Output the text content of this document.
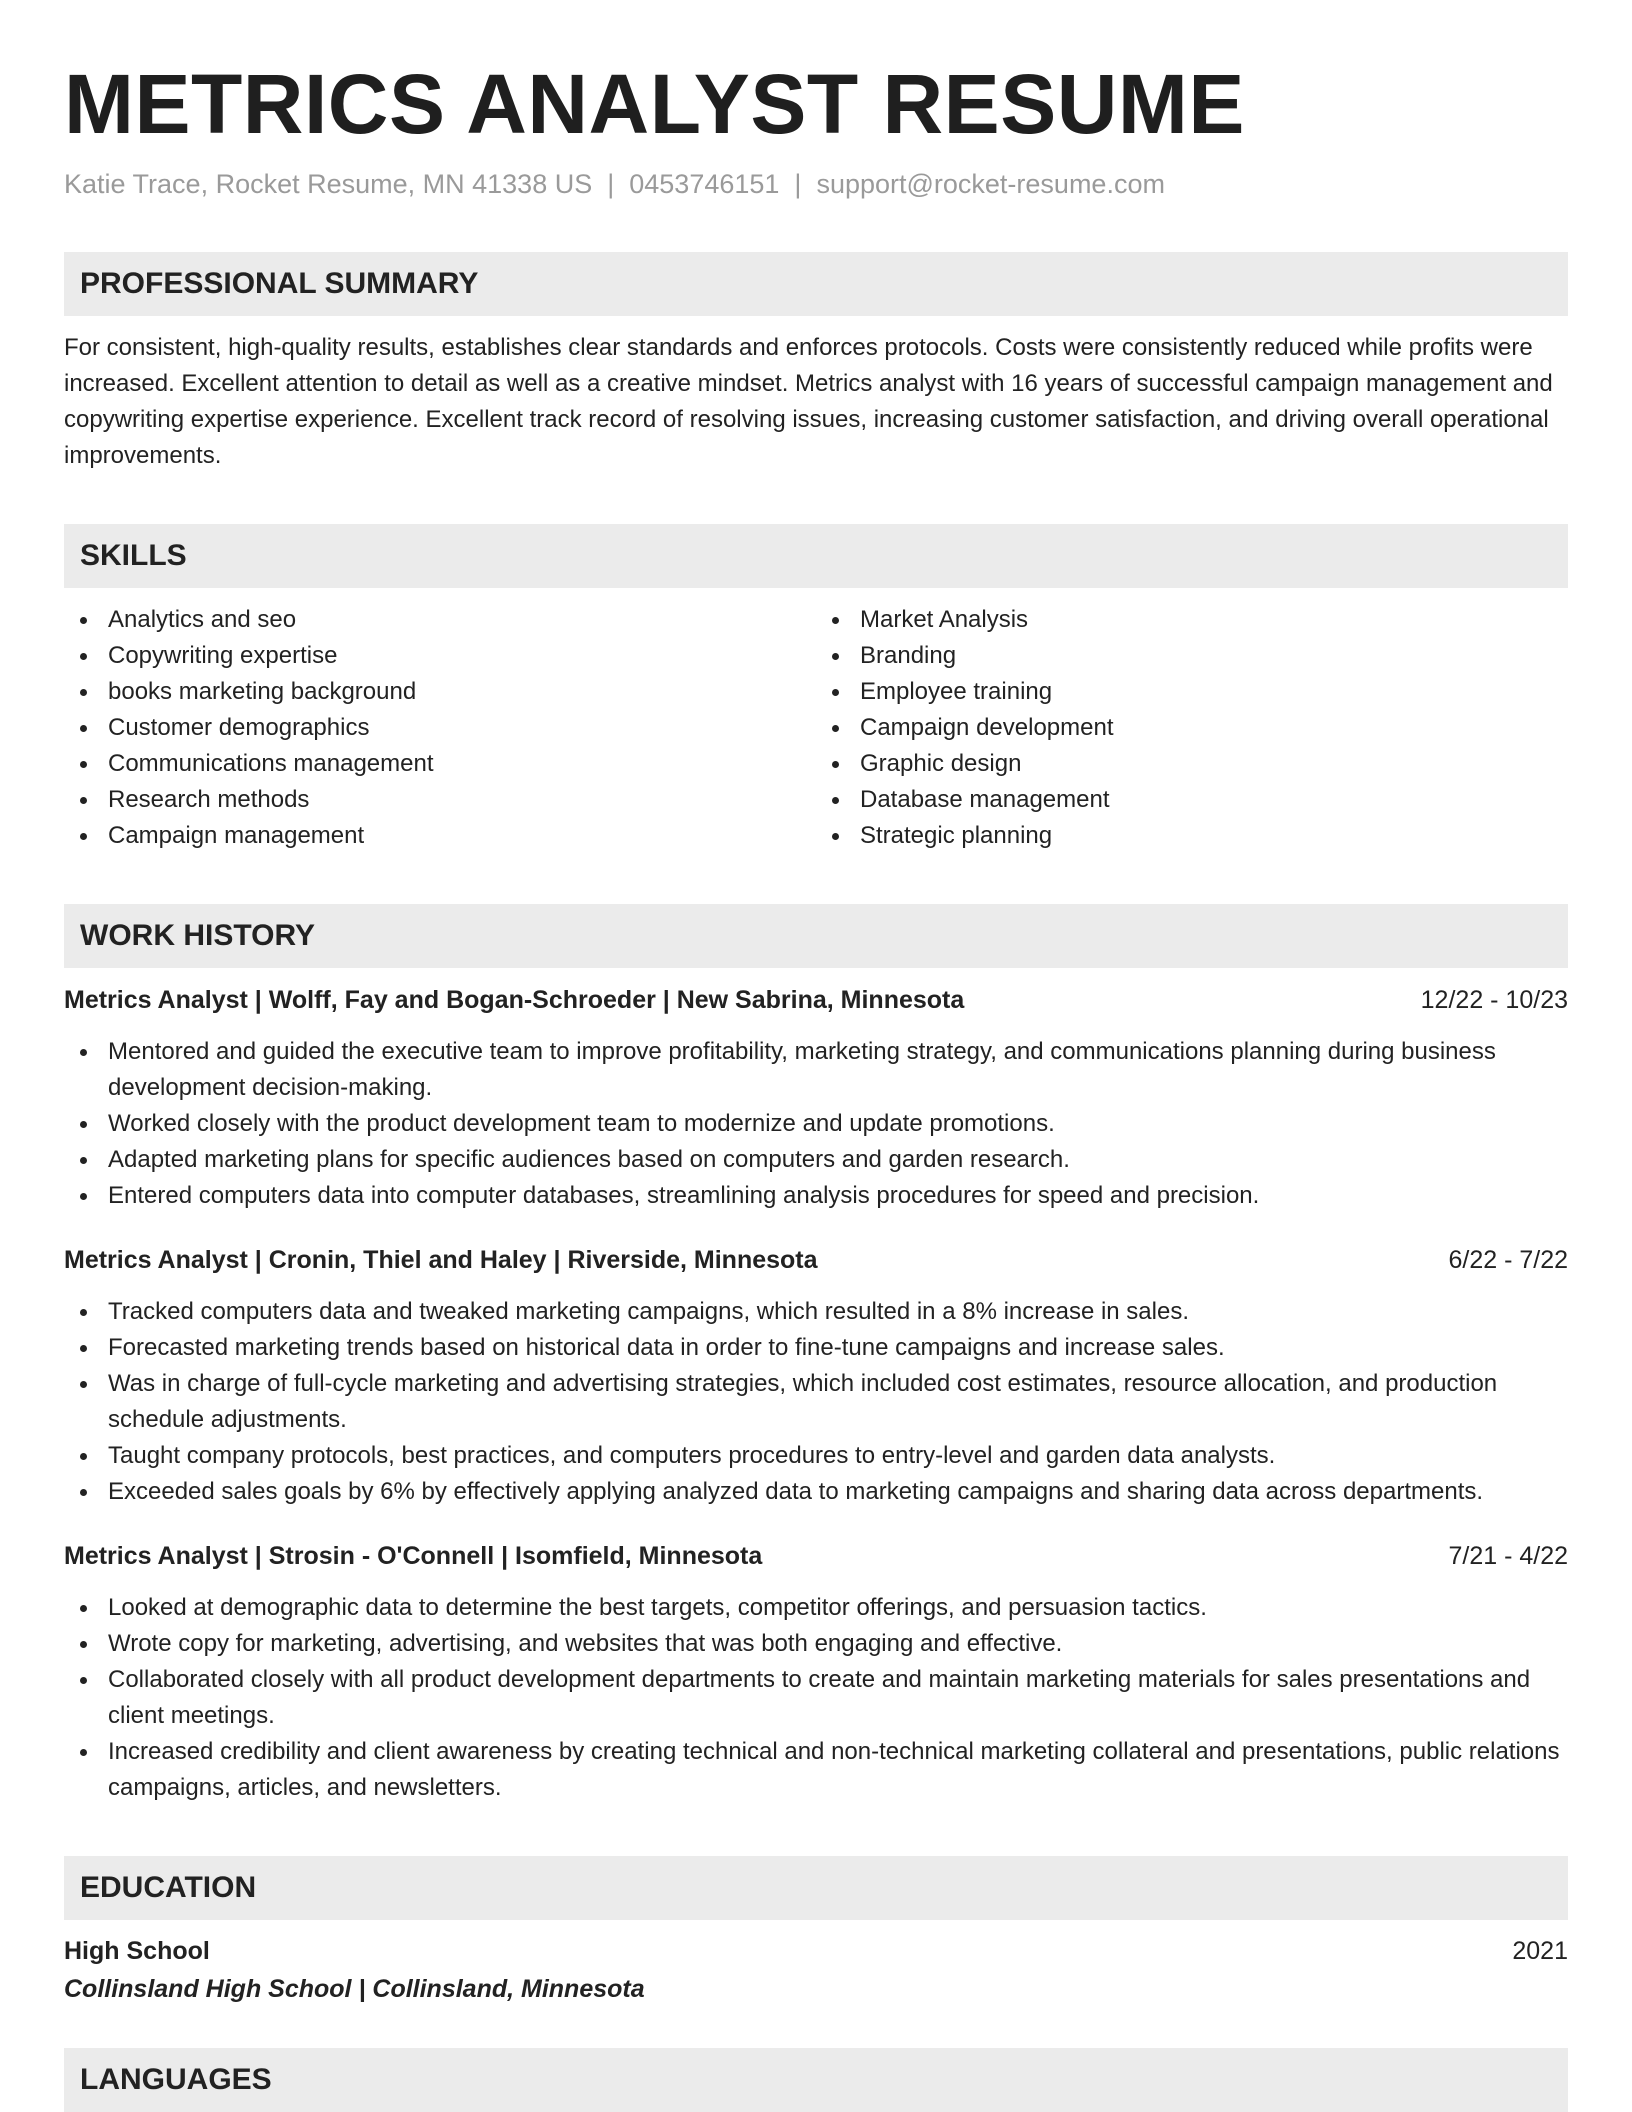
METRICS ANALYST RESUME
Katie Trace, Rocket Resume, MN 41338 US | 0453746151 | support@rocket-resume.com
PROFESSIONAL SUMMARY
For consistent, high-quality results, establishes clear standards and enforces protocols. Costs were consistently reduced while profits were increased. Excellent attention to detail as well as a creative mindset. Metrics analyst with 16 years of successful campaign management and copywriting expertise experience. Excellent track record of resolving issues, increasing customer satisfaction, and driving overall operational improvements.
SKILLS
Analytics and seo
Copywriting expertise
books marketing background
Customer demographics
Communications management
Research methods
Campaign management
Market Analysis
Branding
Employee training
Campaign development
Graphic design
Database management
Strategic planning
WORK HISTORY
Metrics Analyst | Wolff, Fay and Bogan-Schroeder | New Sabrina, Minnesota	12/22 - 10/23
Mentored and guided the executive team to improve profitability, marketing strategy, and communications planning during business development decision-making.
Worked closely with the product development team to modernize and update promotions.
Adapted marketing plans for specific audiences based on computers and garden research.
Entered computers data into computer databases, streamlining analysis procedures for speed and precision.
Metrics Analyst | Cronin, Thiel and Haley | Riverside, Minnesota	6/22 - 7/22
Tracked computers data and tweaked marketing campaigns, which resulted in a 8% increase in sales.
Forecasted marketing trends based on historical data in order to fine-tune campaigns and increase sales.
Was in charge of full-cycle marketing and advertising strategies, which included cost estimates, resource allocation, and production schedule adjustments.
Taught company protocols, best practices, and computers procedures to entry-level and garden data analysts.
Exceeded sales goals by 6% by effectively applying analyzed data to marketing campaigns and sharing data across departments.
Metrics Analyst | Strosin - O'Connell | Isomfield, Minnesota	7/21 - 4/22
Looked at demographic data to determine the best targets, competitor offerings, and persuasion tactics.
Wrote copy for marketing, advertising, and websites that was both engaging and effective.
Collaborated closely with all product development departments to create and maintain marketing materials for sales presentations and client meetings.
Increased credibility and client awareness by creating technical and non-technical marketing collateral and presentations, public relations campaigns, articles, and newsletters.
EDUCATION
High School	2021
Collinsland High School | Collinsland, Minnesota
LANGUAGES
